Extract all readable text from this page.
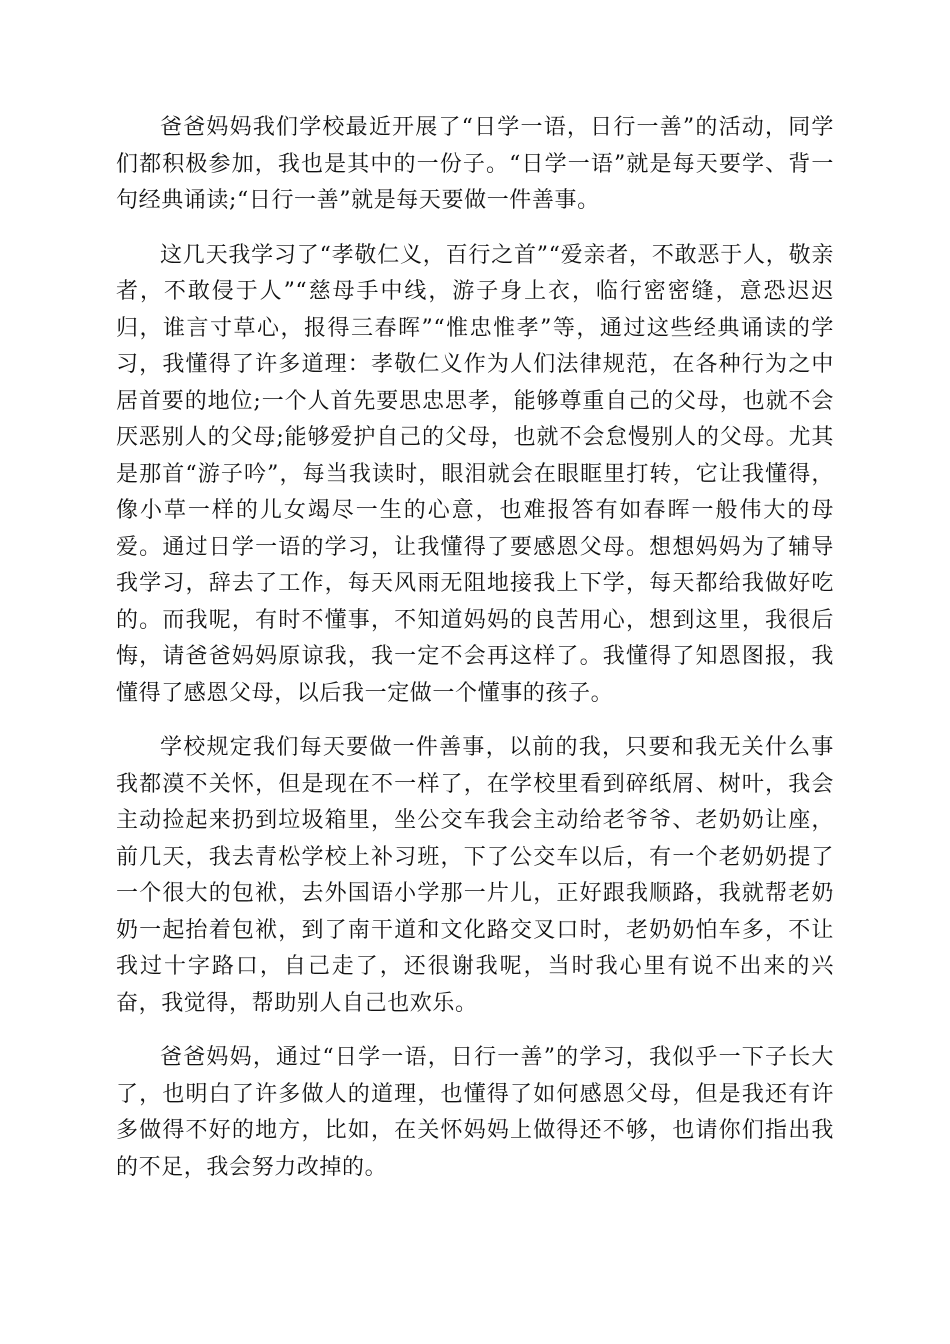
爸爸妈妈我们学校最近开展了“日学一语，日行一善”的活动，同学们都积极参加，我也是其中的一份子。“日学一语”就是每天要学、背一句经典诵读;“日行一善”就是每天要做一件善事。

这几天我学习了“孝敬仁义，百行之首”“爱亲者，不敢恶于人，敬亲者，不敢侵于人”“慈母手中线，游子身上衣，临行密密缝，意恐迟迟归，谁言寸草心，报得三春晖”“惟忠惟孝”等，通过这些经典诵读的学习，我懂得了许多道理：孝敬仁义作为人们法律规范，在各种行为之中居首要的地位;一个人首先要思忠思孝，能够尊重自己的父母，也就不会厌恶别人的父母;能够爱护自己的父母，也就不会怠慢别人的父母。尤其是那首“游子吟”，每当我读时，眼泪就会在眼眶里打转，它让我懂得，像小草一样的儿女竭尽一生的心意，也难报答有如春晖一般伟大的母爱。通过日学一语的学习，让我懂得了要感恩父母。想想妈妈为了辅导我学习，辞去了工作，每天风雨无阻地接我上下学，每天都给我做好吃的。而我呢，有时不懂事，不知道妈妈的良苦用心，想到这里，我很后悔，请爸爸妈妈原谅我，我一定不会再这样了。我懂得了知恩图报，我懂得了感恩父母，以后我一定做一个懂事的孩子。

学校规定我们每天要做一件善事，以前的我，只要和我无关什么事我都漠不关怀，但是现在不一样了，在学校里看到碎纸屑、树叶，我会主动捡起来扔到垃圾箱里，坐公交车我会主动给老爷爷、老奶奶让座，前几天，我去青松学校上补习班，下了公交车以后，有一个老奶奶提了一个很大的包袱，去外国语小学那一片儿，正好跟我顺路，我就帮老奶奶一起抬着包袱，到了南干道和文化路交叉口时，老奶奶怕车多，不让我过十字路口，自己走了，还很谢我呢，当时我心里有说不出来的兴奋，我觉得，帮助别人自己也欢乐。

爸爸妈妈，通过“日学一语，日行一善”的学习，我似乎一下子长大了，也明白了许多做人的道理，也懂得了如何感恩父母，但是我还有许多做得不好的地方，比如，在关怀妈妈上做得还不够，也请你们指出我的不足，我会努力改掉的。
